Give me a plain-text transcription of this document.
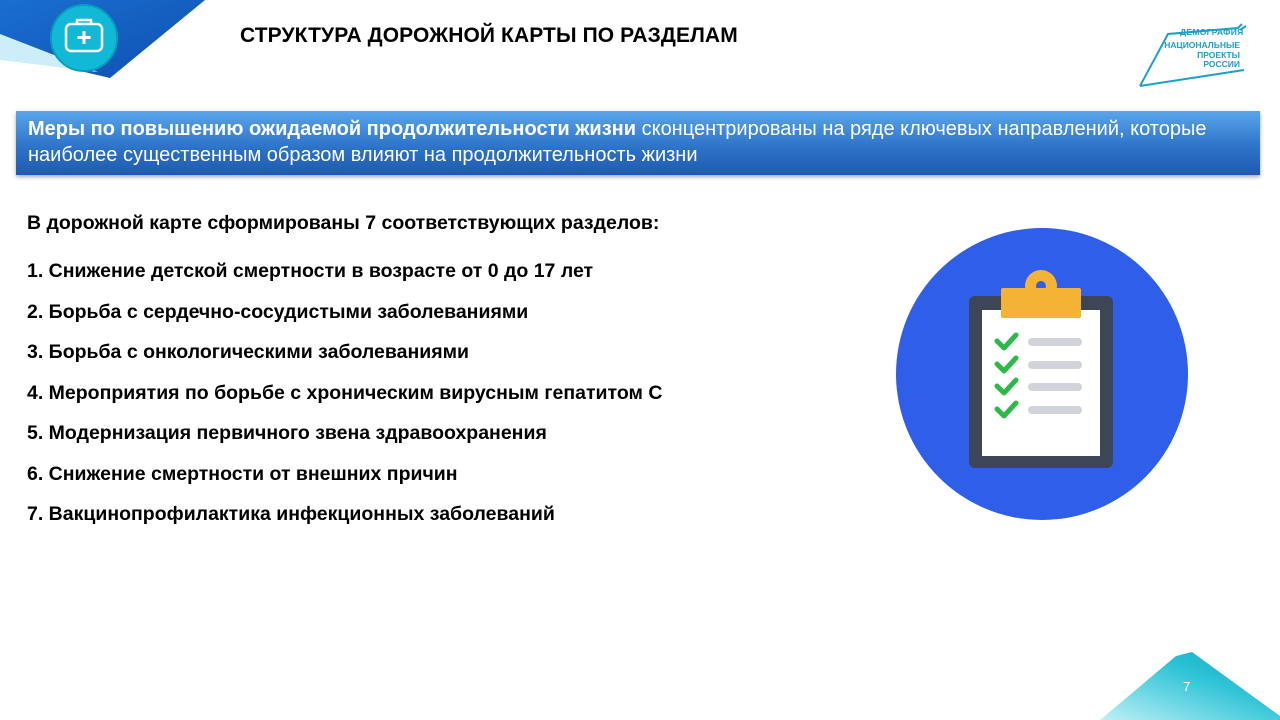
СТРУКТУРА ДОРОЖНОЙ КАРТЫ ПО РАЗДЕЛАМ	ДЕМОГРАФИЯ
НАЦИОНАЛЬНЫЕ
ПРОЕКТЫ
РОССИИ
Меры по повышению ожидаемой продолжительности жизни сконцентрированы на ряде ключевых направлений, которые наиболее существенным образом влияют на продолжительность жизни
В дорожной карте сформированы 7 соответствующих разделов:
1. Снижение детской смертности в возрасте от 0 до 17 лет
2. Борьба с сердечно-сосудистыми заболеваниями
3. Борьба с онкологическими заболеваниями
4. Мероприятия по борьбе с хроническим вирусным гепатитом С
5. Модернизация первичного звена здравоохранения
6. Снижение смертности от внешних причин
7. Вакцинопрофилактика инфекционных заболеваний
7
